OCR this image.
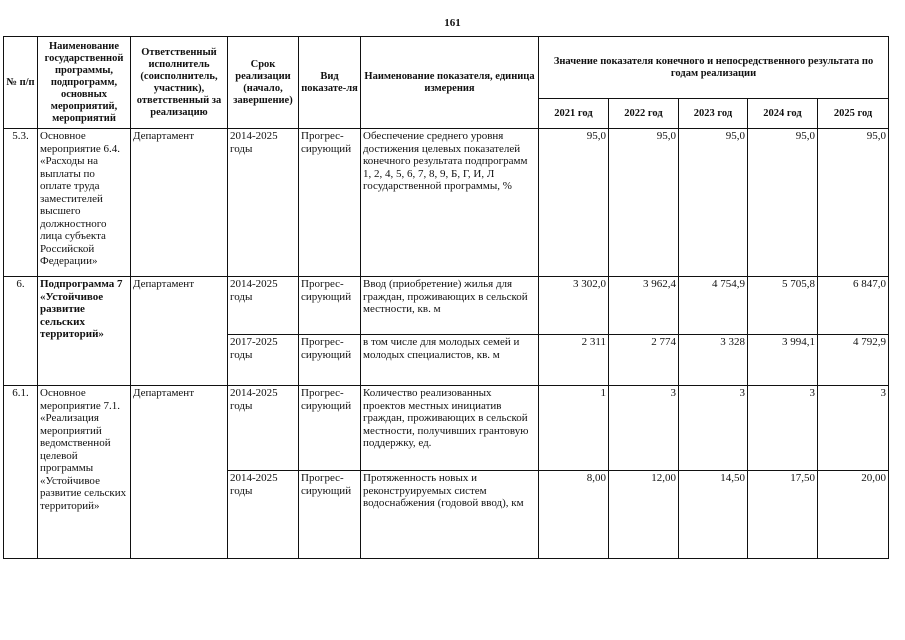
161
№ п/п	Наименование государственной программы, подпрограмм, основных мероприятий, мероприятий	Ответственный исполнитель (соисполнитель, участник), ответственный за реализацию	Срок реализации (начало, завершение)	Вид показате-ля	Наименование показателя, единица измерения	Значение показателя конечного и непосредственного результата по годам реализации				
						2021 год	2022 год	2023 год	2024 год	2025 год
5.3.	Основное мероприятие 6.4. «Расходы на выплаты по оплате труда заместителей высшего должностного лица субъекта Российской Федерации»	Департамент	2014-2025 годы	Прогрес-сирующий	Обеспечение среднего уровня достижения целевых показателей конечного результата подпрограмм 1, 2, 4, 5, 6, 7, 8, 9, Б, Г, И, Л государственной программы, %	95,0	95,0	95,0	95,0	95,0
6.	Подпрограмма 7 «Устойчивое развитие сельских территорий»	Департамент	2014-2025 годы	Прогрес-сирующий	Ввод (приобретение) жилья для граждан, проживающих в сельской местности, кв. м	3 302,0	3 962,4	4 754,9	5 705,8	6 847,0
			2017-2025 годы	Прогрес-сирующий	в том числе для молодых семей и молодых специалистов, кв. м	2 311	2 774	3 328	3 994,1	4 792,9
6.1.	Основное мероприятие 7.1. «Реализация мероприятий ведомственной целевой программы «Устойчивое развитие сельских территорий»	Департамент	2014-2025 годы	Прогрес-сирующий	Количество реализованных проектов местных инициатив граждан, проживающих в сельской местности, получивших грантовую поддержку, ед.	1	3	3	3	3
			2014-2025 годы	Прогрес-сирующий	Протяженность новых и реконструируемых систем водоснабжения (годовой ввод), км	8,00	12,00	14,50	17,50	20,00
